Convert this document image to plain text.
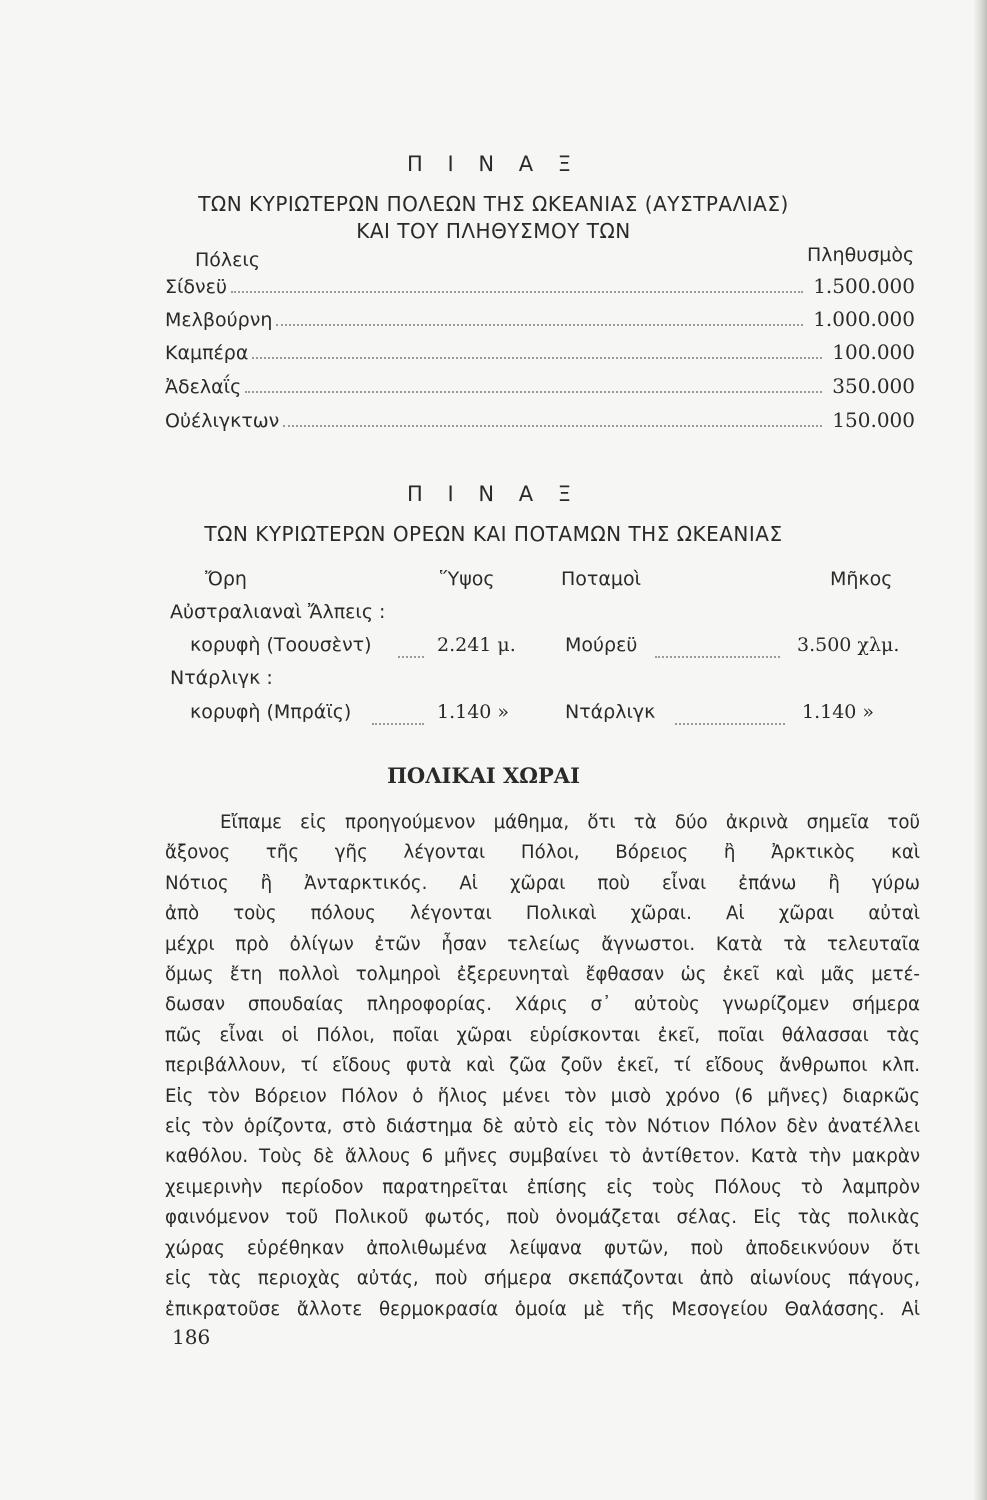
Π Ι Ν Α Ξ
ΤΩΝ ΚΥΡΙΩΤΕΡΩΝ ΠΟΛΕΩΝ ΤΗΣ ΩΚΕΑΝΙΑΣ (ΑΥΣΤΡΑΛΙΑΣ)
ΚΑΙ ΤΟΥ ΠΛΗΘΥΣΜΟΥ ΤΩΝ
Πόλεις	Πληθυσμὸς
Σίδνεϋ	1.500.000
Μελβούρνη	1.000.000
Καμπέρα	100.000
Ἀδελαΐς	350.000
Οὐέλιγκτων	150.000
Π Ι Ν Α Ξ
ΤΩΝ ΚΥΡΙΩΤΕΡΩΝ ΟΡΕΩΝ ΚΑΙ ΠΟΤΑΜΩΝ ΤΗΣ ΩΚΕΑΝΙΑΣ
Ὄρη	Ὕψος	Ποταμοὶ	Μῆκος
Αὐστραλιαναὶ Ἄλπεις :
κορυφὴ (Τοουσὲντ)	2.241 μ.	Μούρεϋ	3.500 χλμ.
Ντάρλιγκ :
κορυφὴ (Μπράϊς)	1.140 »	Ντάρλιγκ	1.140 »
ΠΟΛΙΚΑΙ ΧΩΡΑΙ

Εἴπαμε εἰς προηγούμενον μάθημα, ὅτι τὰ δύο ἀκρινὰ σημεῖα τοῦ

ἄξονος τῆς γῆς λέγονται Πόλοι, Βόρειος ἢ Ἀρκτικὸς καὶ

Νότιος ἢ Ἀνταρκτικός. Αἱ χῶραι ποὺ εἶναι ἐπάνω ἢ γύρω

ἀπὸ τοὺς πόλους λέγονται Πολικαὶ χῶραι. Αἱ χῶραι αὐταὶ

μέχρι πρὸ ὀλίγων ἐτῶν ἦσαν τελείως ἄγνωστοι. Κατὰ τὰ τελευταῖα

ὅμως ἔτη πολλοὶ τολμηροὶ ἐξερευνηταὶ ἔφθασαν ὡς ἐκεῖ καὶ μᾶς μετέ-

δωσαν σπουδαίας πληροφορίας. Χάρις σ᾽ αὐτοὺς γνωρίζομεν σήμερα

πῶς εἶναι οἱ Πόλοι, ποῖαι χῶραι εὑρίσκονται ἐκεῖ, ποῖαι θάλασσαι τὰς

περιβάλλουν, τί εἴδους φυτὰ καὶ ζῶα ζοῦν ἐκεῖ, τί εἴδους ἄνθρωποι κλπ.

Εἰς τὸν Βόρειον Πόλον ὁ ἥλιος μένει τὸν μισὸ χρόνο (6 μῆνες) διαρκῶς

εἰς τὸν ὁρίζοντα, στὸ διάστημα δὲ αὐτὸ εἰς τὸν Νότιον Πόλον δὲν ἀνατέλλει

καθόλου. Τοὺς δὲ ἄλλους 6 μῆνες συμβαίνει τὸ ἀντίθετον. Κατὰ τὴν μακρὰν

χειμερινὴν περίοδον παρατηρεῖται ἐπίσης εἰς τοὺς Πόλους τὸ λαμπρὸν

φαινόμενον τοῦ Πολικοῦ φωτός, ποὺ ὀνομάζεται σέλας. Εἰς τὰς πολικὰς

χώρας εὑρέθηκαν ἀπολιθωμένα λείψανα φυτῶν, ποὺ ἀποδεικνύουν ὅτι

εἰς τὰς περιοχὰς αὐτάς, ποὺ σήμερα σκεπάζονται ἀπὸ αἰωνίους πάγους,

ἐπικρατοῦσε ἄλλοτε θερμοκρασία ὁμοία μὲ τῆς Μεσογείου Θαλάσσης. Αἱ

186
